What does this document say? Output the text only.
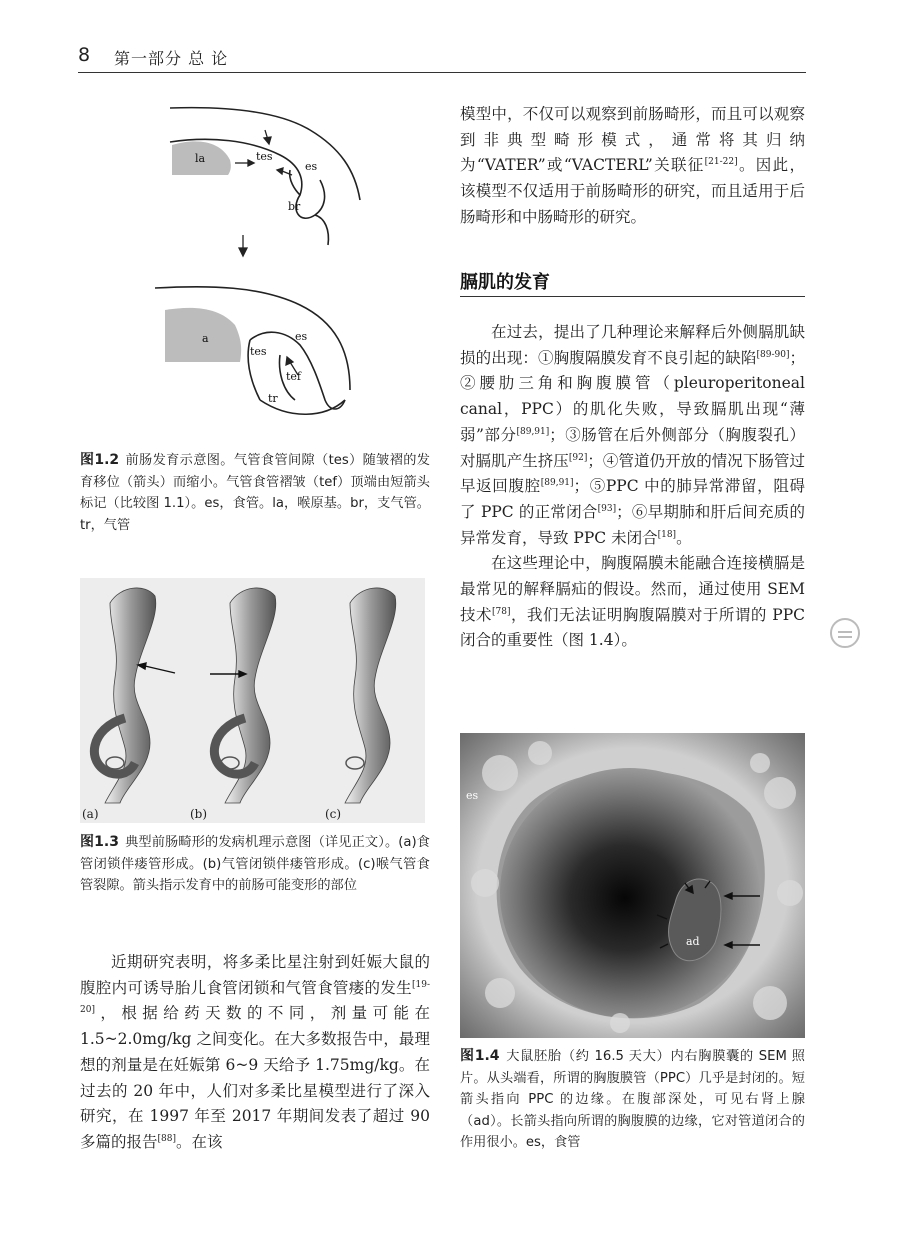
8 第一部分 总 论
la	tes
es
br
a
tes
es
tef
tr
图1.2 前肠发育示意图。气管食管间隙（tes）随皱褶的发育移位（箭头）而缩小。气管食管褶皱（tef）顶端由短箭头标记（比较图 1.1）。es，食管。la，喉原基。br，支气管。tr，气管
(a)	(b)	(c)
图1.3 典型前肠畸形的发病机理示意图（详见正文）。(a)食管闭锁伴瘘管形成。(b)气管闭锁伴瘘管形成。(c)喉气管食管裂隙。箭头指示发育中的前肠可能变形的部位

近期研究表明，将多柔比星注射到妊娠大鼠的腹腔内可诱导胎儿食管闭锁和气管食管瘘的发生[19-20]，根据给药天数的不同，剂量可能在 1.5~2.0mg/kg 之间变化。在大多数报告中，最理想的剂量是在妊娠第 6~9 天给予 1.75mg/kg。在过去的 20 年中，人们对多柔比星模型进行了深入研究，在 1997 年至 2017 年期间发表了超过 90 多篇的报告[88]。在该

模型中，不仅可以观察到前肠畸形，而且可以观察到非典型畸形模式，通常将其归纳为“VATER”或“VACTERL”关联征[21-22]。因此，该模型不仅适用于前肠畸形的研究，而且适用于后肠畸形和中肠畸形的研究。

膈肌的发育

在过去，提出了几种理论来解释后外侧膈肌缺损的出现：①胸腹隔膜发育不良引起的缺陷[89-90]；②腰肋三角和胸腹膜管（pleuroperitoneal canal，PPC）的肌化失败，导致膈肌出现“薄弱”部分[89,91]；③肠管在后外侧部分（胸腹裂孔）对膈肌产生挤压[92]；④管道仍开放的情况下肠管过早返回腹腔[89,91]；⑤PPC 中的肺异常滞留，阻碍了 PPC 的正常闭合[93]；⑥早期肺和肝后间充质的异常发育，导致 PPC 未闭合[18]。

在这些理论中，胸腹隔膜未能融合连接横膈是最常见的解释膈疝的假设。然而，通过使用 SEM 技术[78]，我们无法证明胸腹隔膜对于所谓的 PPC 闭合的重要性（图 1.4）。

es
ad
图1.4 大鼠胚胎（约 16.5 天大）内右胸膜囊的 SEM 照片。从头端看，所谓的胸腹膜管（PPC）几乎是封闭的。短箭头指向 PPC 的边缘。在腹部深处，可见右肾上腺（ad）。长箭头指向所谓的胸腹膜的边缘，它对管道闭合的作用很小。es，食管
